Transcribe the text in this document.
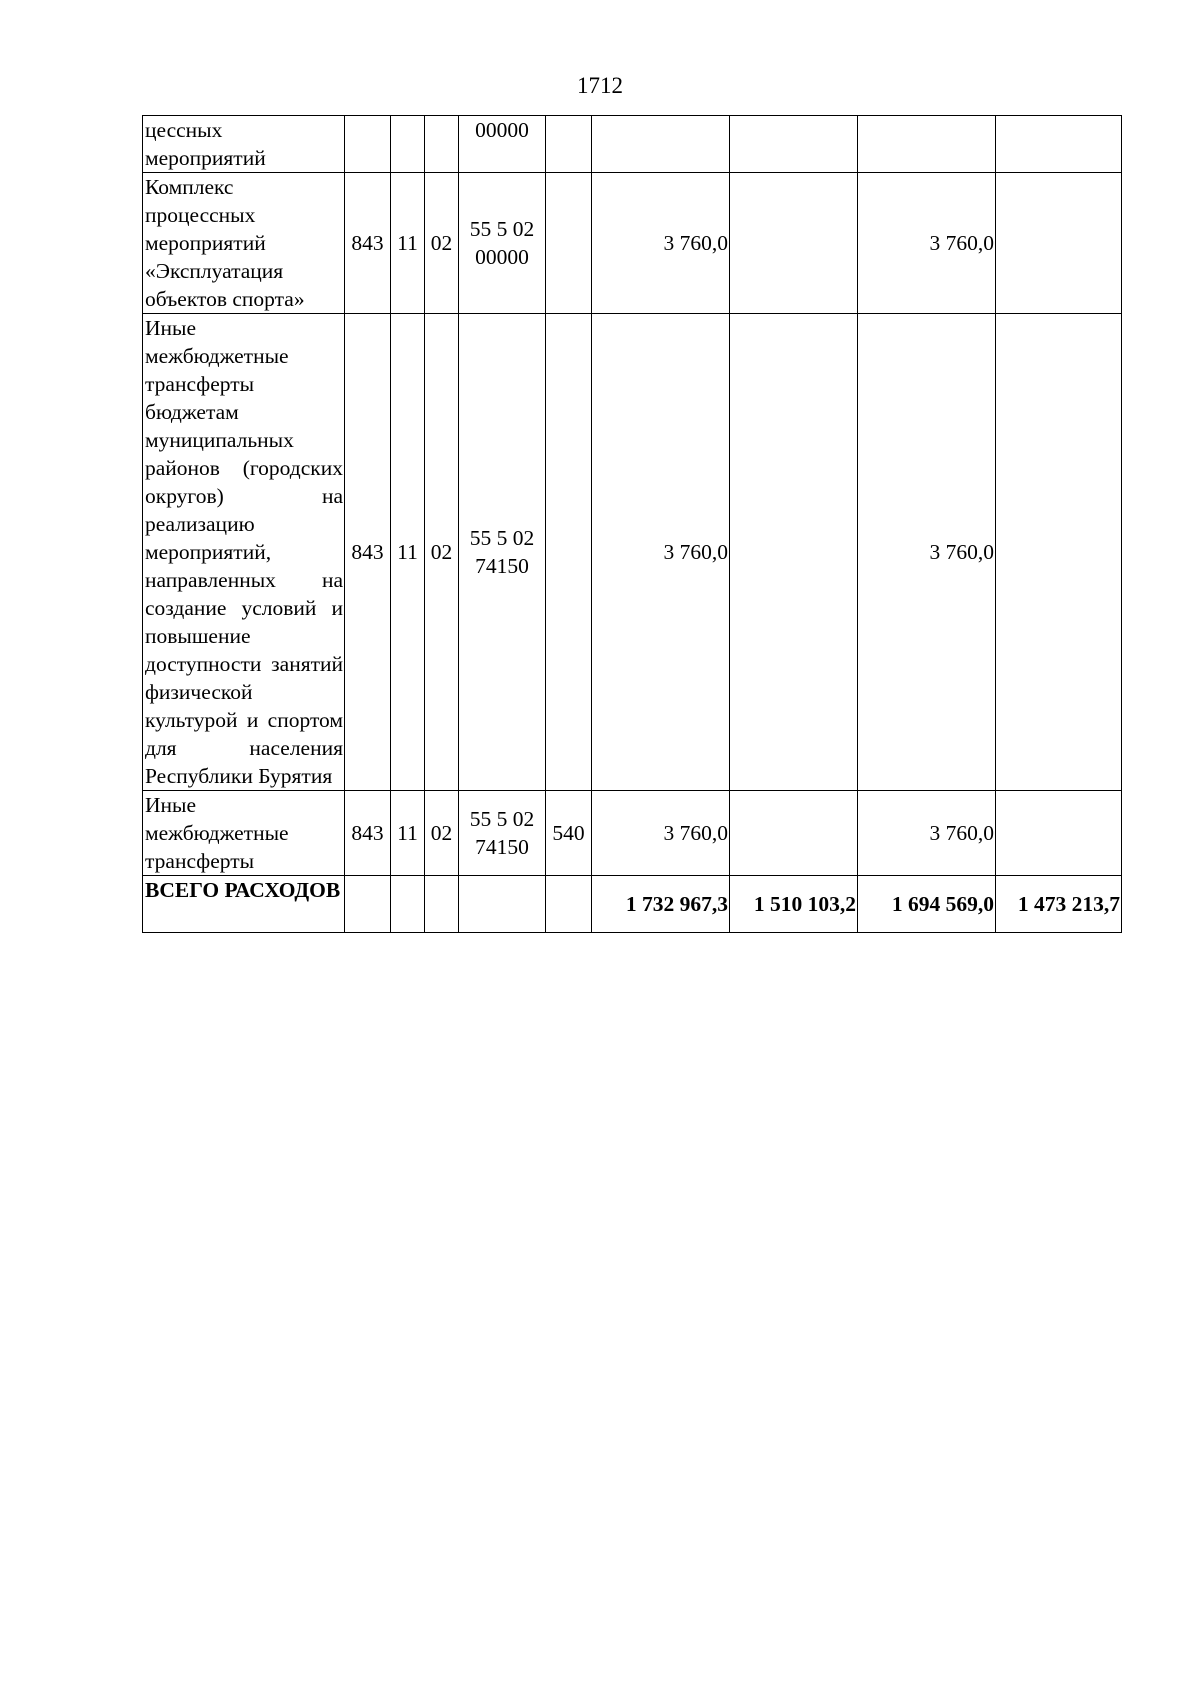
1712
цессных мероприятий				00000					
Комплекс процессных мероприятий «Эксплуатация объектов спорта»	843	11	02	55 5 02 00000		3 760,0		3 760,0	
Иные межбюджетные трансферты бюджетам муниципальных районов (городских округов) на реализацию мероприятий, направленных на создание условий и повышение доступности занятий физической культурой и спортом для населения Республики Бурятия	843	11	02	55 5 02 74150		3 760,0		3 760,0	
Иные межбюджетные трансферты	843	11	02	55 5 02 74150	540	3 760,0		3 760,0	
ВСЕГО РАСХОДОВ						1 732 967,3	1 510 103,2	1 694 569,0	1 473 213,7
